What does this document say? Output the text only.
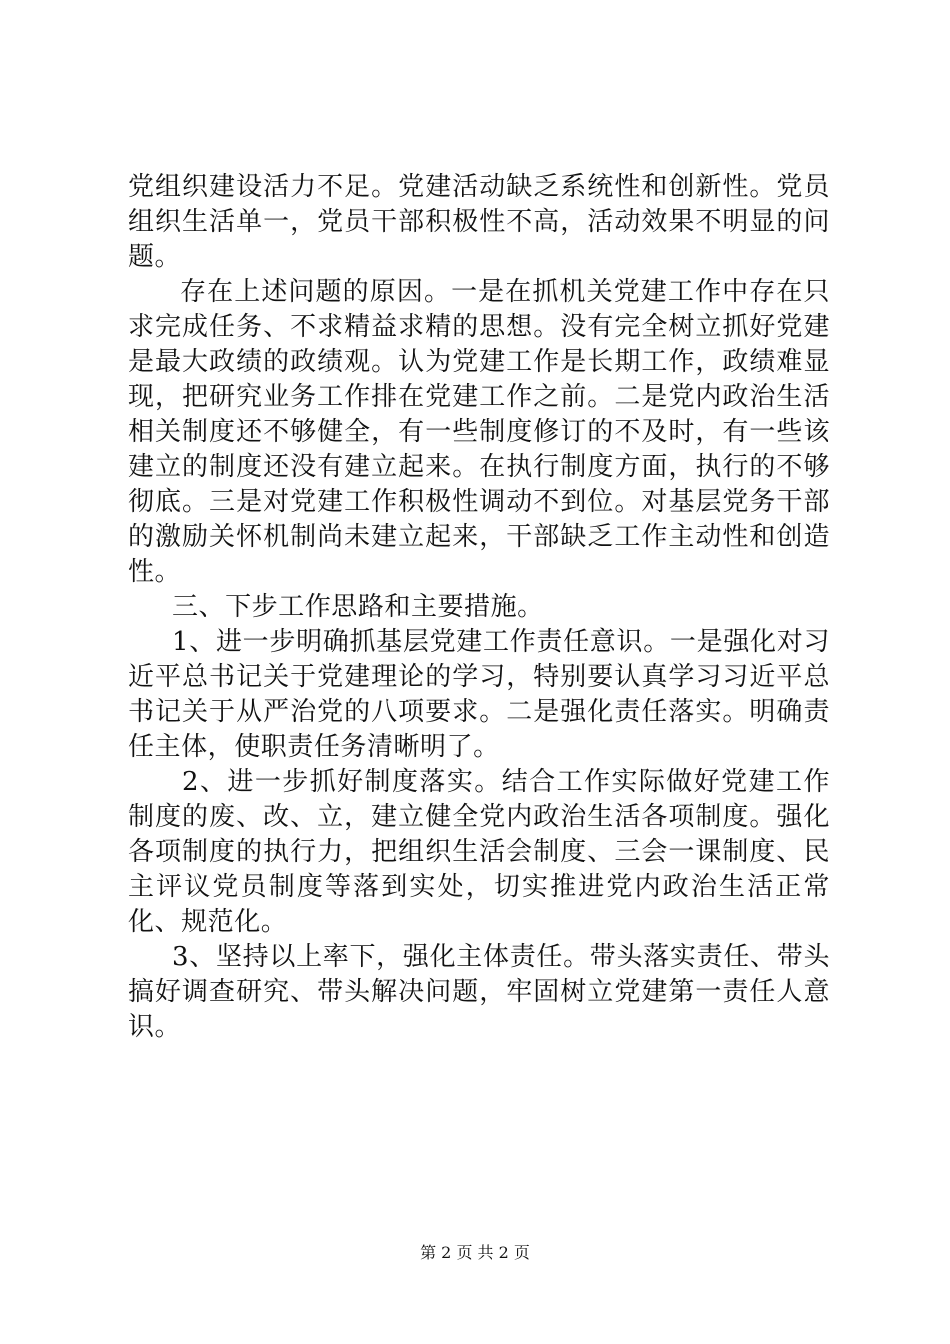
党组织建设活力不足。党建活动缺乏系统性和创新性。党员组织生活单一，党员干部积极性不高，活动效果不明显的问题。

存在上述问题的原因。一是在抓机关党建工作中存在只求完成任务、不求精益求精的思想。没有完全树立抓好党建是最大政绩的政绩观。认为党建工作是长期工作，政绩难显现，把研究业务工作排在党建工作之前。二是党内政治生活相关制度还不够健全，有一些制度修订的不及时，有一些该建立的制度还没有建立起来。在执行制度方面，执行的不够彻底。三是对党建工作积极性调动不到位。对基层党务干部的激励关怀机制尚未建立起来，干部缺乏工作主动性和创造性。

三、下步工作思路和主要措施。

1、进一步明确抓基层党建工作责任意识。一是强化对习近平总书记关于党建理论的学习，特别要认真学习习近平总书记关于从严治党的八项要求。二是强化责任落实。明确责任主体，使职责任务清晰明了。

2、进一步抓好制度落实。结合工作实际做好党建工作制度的废、改、立，建立健全党内政治生活各项制度。强化各项制度的执行力，把组织生活会制度、三会一课制度、民主评议党员制度等落到实处，切实推进党内政治生活正常化、规范化。

3、坚持以上率下，强化主体责任。带头落实责任、带头搞好调查研究、带头解决问题，牢固树立党建第一责任人意识。

第 2 页 共 2 页
